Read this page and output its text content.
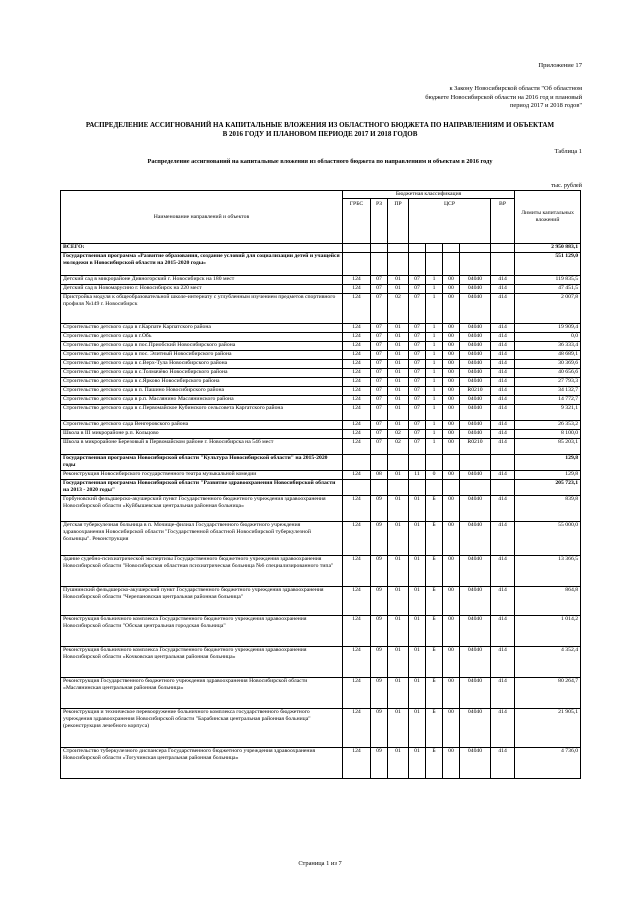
Приложение 17
к Закону Новосибирской области "Об областном
бюджете Новосибирской области на 2016 год и плановый
период 2017 и 2018 годов"
РАСПРЕДЕЛЕНИЕ АССИГНОВАНИЙ НА КАПИТАЛЬНЫЕ ВЛОЖЕНИЯ ИЗ ОБЛАСТНОГО БЮДЖЕТА ПО НАПРАВЛЕНИЯМ И ОБЪЕКТАМ
В 2016 ГОДУ И ПЛАНОВОМ ПЕРИОДЕ 2017 И 2018 ГОДОВ
Таблица 1
Распределение ассигнований на капитальные вложения из областного бюджета по направлениям и объектам в 2016 году
тыс. рублей
Наименование направлений и объектов	Бюджетная классификация								Лимиты капитальных вложений
	ГРБС	РЗ	ПР	ЦСР				ВР	
ВСЕГО:									2 950 883,1
Государственная программа «Развитие образования, создание условий для социализации детей и учащейся молодежи в Новосибирской области на 2015-2020 годы»									551 129,0
Детский сад в микрорайоне Дивногорский г. Новосибирск на 180 мест	124	07	01	07	1	00	04040	414	119 835,5
Детский сад в Новомарусино г. Новосибирск на 220 мест	124	07	01	07	1	00	04040	414	47 451,5
Пристройка модуля к общеобразовательной школе-интернату с углубленным изучением предметов спортивного профиля №149 г. Новосибирск	124	07	02	07	1	00	04040	414	2 007,8
Строительство детского сада в г.Карпате Карпатского района	124	07	01	07	1	00	04040	414	19 909,4
Строительство детского сада в г.Обь	124	07	01	07	1	00	04040	414	0,0
Строительство детского сада в пос.Приобский Новосибирского района	124	07	01	07	1	00	04040	414	36 333,4
Строительство детского сада в пос. Элитный Новосибирского района	124	07	01	07	1	00	04040	414	48 689,1
Строительство детского сада в с.Верх-Тула Новосибирского района	124	07	01	07	1	00	04040	414	30 369,6
Строительство детского сада в с.Толмачёво Новосибирского района	124	07	01	07	1	00	04040	414	40 656,6
Строительство детского сада в с.Ярково Новосибирского района	124	07	01	07	1	00	04040	414	27 793,3
Строительство детского сада в п. Пашино Новосибирского района	124	07	01	07	1	00	R0210	414	34 132,7
Строительство детского сада в р.п. Маслянино Маслянинского района	124	07	01	07	1	00	04040	414	14 772,7
Строительство детского сада в с.Первомайское Кубинского сельсовета Каргатского района	124	07	01	07	1	00	04040	414	9 321,1
Строительство детского сада Венгеровского района	124	07	01	07	1	00	04040	414	26 353,2
Школа в III микрорайоне р.п. Кольцово	124	07	02	07	1	00	04040	414	8 100,0
Школа в микрорайоне Березовый в Первомайском районе г. Новосибирска на 546 мест	124	07	02	07	1	00	R0210	414	85 203,1
Государственная программа Новосибирской области "Культура Новосибирской области" на 2015-2020 годы									129,8
Реконструкция Новосибирского государственного театра музыкальной комедии	124	08	01	11	0	00	04040	414	129,8
Государственная программа Новосибирской области "Развитие здравоохранения Новосибирской области на 2013 - 2020 годы"									205 723,1
Горбуновский фельдшерско-акушерский пункт Государственного бюджетного учреждения здравоохранения Новосибирской области «Куйбышевская центральная районная больница»	124	09	01	01	Б	00	04040	414	839,8
Детская туберкулезная больница в п. Мочище-филиал Государственного бюджетного учреждения здравоохранения Новосибирской области "Государственной областной Новосибирской туберкулезной больницы". Реконструкция	124	09	01	01	Б	00	04040	414	55 000,0
Здание судебно-психиатрической экспертизы Государственного бюджетного учреждения здравоохранения Новосибирской области "Новосибирская областная психиатрическая больница №6 специализированного типа"	124	09	01	01	Б	00	04040	414	13 366,5
Пушнинский фельдшерско-акушерский пункт Государственного бюджетного учреждения здравоохранения Новосибирской области "Черепановская центральная районная больница"	124	09	01	01	Б	00	04040	414	864,8
Реконструкция больничного комплекса Государственного бюджетного учреждения здравоохранения Новосибирской области "Обская центральная городская больница"	124	09	01	01	Б	00	04040	414	1 014,2
Реконструкция больничного комплекса Государственного бюджетного учреждения здравоохранения Новосибирской области «Кочковская центральная районная больница»	124	09	01	01	Б	00	04040	414	4 352,4
Реконструкция Государственного бюджетного учреждения здравоохранения Новосибирской области «Маслянинская центральная районная больница»	124	09	01	01	Б	00	04040	414	80 264,7
Реконструкция и техническое перевооружение больничного комплекса государственного бюджетного учреждения здравоохранения Новосибирской области "Барабинская центральная районная больница" (реконструкция лечебного корпуса)	124	09	01	01	Б	00	04040	414	21 905,1
Строительство туберкулезного диспансера Государственного бюджетного учреждения здравоохранения Новосибирской области «Тогучинская центральная районная больница»	124	09	01	01	Б	00	04040	414	4 736,0
Страница 1 из 7
